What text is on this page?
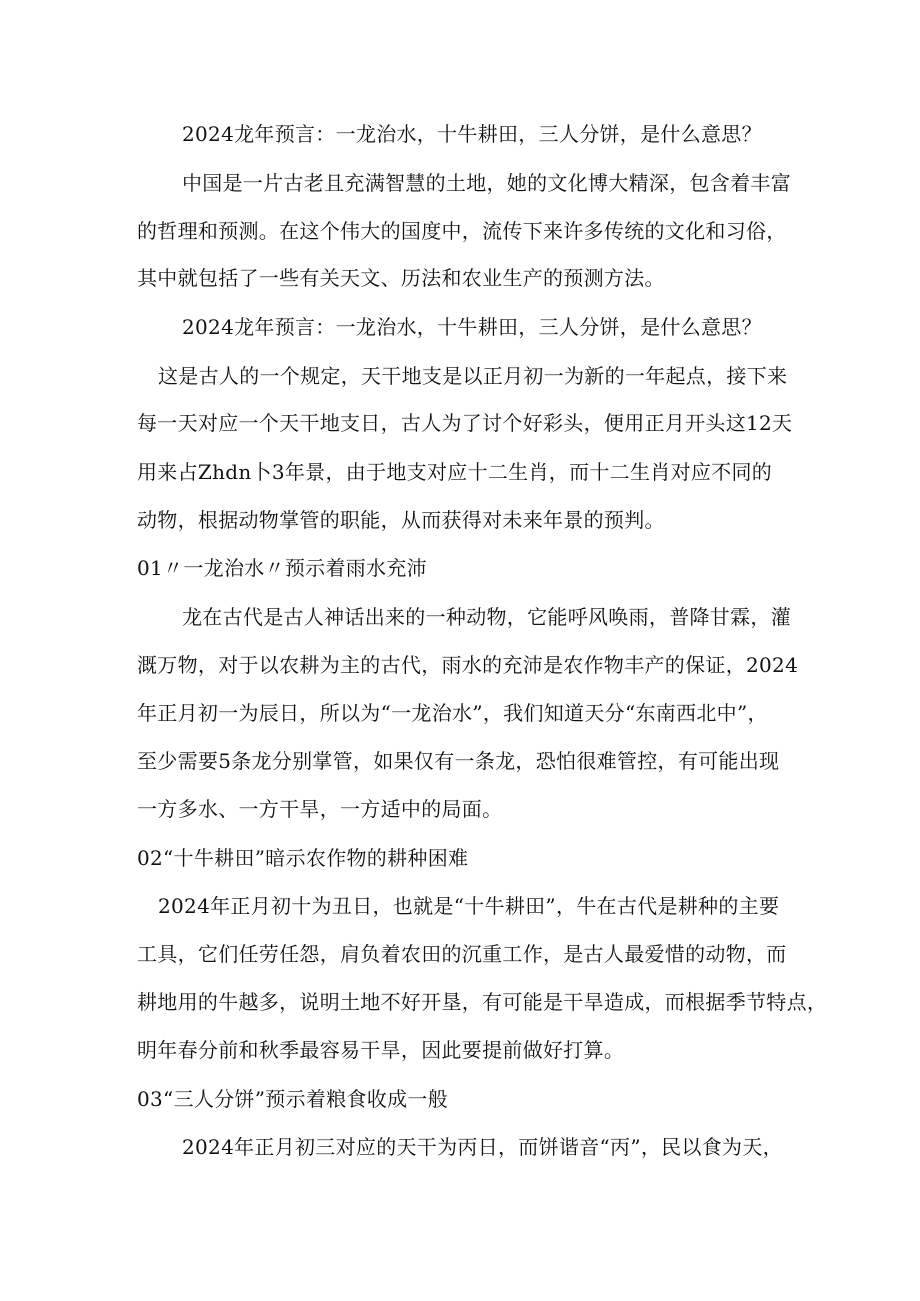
2024龙年预言：一龙治水，十牛耕田，三人分饼，是什么意思？
中国是一片古老且充满智慧的土地，她的文化博大精深，包含着丰富
的哲理和预测。在这个伟大的国度中，流传下来许多传统的文化和习俗，
其中就包括了一些有关天文、历法和农业生产的预测方法。
2024龙年预言：一龙治水，十牛耕田，三人分饼，是什么意思？
这是古人的一个规定，天干地支是以正月初一为新的一年起点，接下来
每一天对应一个天干地支日，古人为了讨个好彩头，便用正月开头这12天
用来占Zhdn卜3年景，由于地支对应十二生肖，而十二生肖对应不同的
动物，根据动物掌管的职能，从而获得对未来年景的预判。
01〃一龙治水〃预示着雨水充沛
龙在古代是古人神话出来的一种动物，它能呼风唤雨，普降甘霖，灌
溉万物，对于以农耕为主的古代，雨水的充沛是农作物丰产的保证，2024
年正月初一为辰日，所以为“一龙治水”，我们知道天分“东南西北中”，
至少需要5条龙分别掌管，如果仅有一条龙，恐怕很难管控，有可能出现
一方多水、一方干旱，一方适中的局面。
02“十牛耕田”暗示农作物的耕种困难
2024年正月初十为丑日，也就是“十牛耕田”，牛在古代是耕种的主要
工具，它们任劳任怨，肩负着农田的沉重工作，是古人最爱惜的动物，而
耕地用的牛越多，说明土地不好开垦，有可能是干旱造成，而根据季节特点，
明年春分前和秋季最容易干旱，因此要提前做好打算。
03“三人分饼”预示着粮食收成一般
2024年正月初三对应的天干为丙日，而饼谐音“丙”，民以食为天，
